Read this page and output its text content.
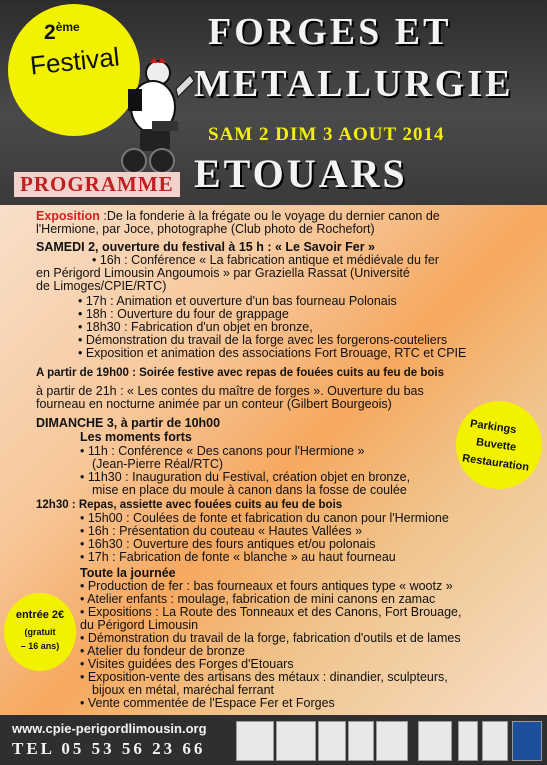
2ème
Festival
PROGRAMME
FORGES ET
METALLURGIE
SAM 2 DIM 3 AOUT 2014
ETOUARS
Exposition :De la fonderie à la frégate ou le voyage du dernier canon de
l'Hermione, par Joce, photographe (Club photo de Rochefort)
SAMEDI 2, ouverture du festival à 15 h : « Le Savoir Fer »
• 16h : Conférence « La fabrication antique et médiévale du fer
en Périgord Limousin Angoumois » par Graziella Rassat (Université
de Limoges/CPIE/RTC)
• 17h : Animation et ouverture d'un bas fourneau Polonais
• 18h : Ouverture du four de grappage
• 18h30 : Fabrication d'un objet en bronze,
• Démonstration du travail de la forge avec les forgerons-couteliers
• Exposition et animation des associations Fort Brouage, RTC et CPIE
A partir de 19h00 : Soirée festive avec repas de fouées cuits au feu de bois
à partir de 21h : « Les contes du maître de forges ». Ouverture du bas
fourneau en nocturne animée par un conteur (Gilbert Bourgeois)
DIMANCHE 3, à partir de 10h00
Les moments forts
• 11h : Conférence « Des canons pour l'Hermione »
(Jean-Pierre Réal/RTC)
• 11h30 : Inauguration du Festival, création objet en bronze,
mise en place du moule à canon dans la fosse de coulée
12h30 : Repas, assiette avec fouées cuits au feu de bois
• 15h00 : Coulées de fonte et fabrication du canon pour l'Hermione
• 16h : Présentation du couteau « Hautes Vallées »
• 16h30 : Ouverture des fours antiques et/ou polonais
• 17h : Fabrication de fonte « blanche » au haut fourneau
Toute la journée
• Production de fer : bas fourneaux et fours antiques type « wootz »
• Atelier enfants : moulage, fabrication de mini canons en zamac
• Expositions : La Route des Tonneaux et des Canons, Fort Brouage,
du Périgord Limousin
• Démonstration du travail de la forge, fabrication d'outils et de lames
• Atelier du fondeur de bronze
• Visites guidées des Forges d'Etouars
• Exposition-vente des artisans des métaux : dinandier, sculpteurs,
bijoux en métal, maréchal ferrant
• Vente commentée de l'Espace Fer et Forges
Parkings
Buvette
Restauration
entrée 2€
(gratuit
– 16 ans)
www.cpie-perigordlimousin.org
TEL 05 53 56 23 66
